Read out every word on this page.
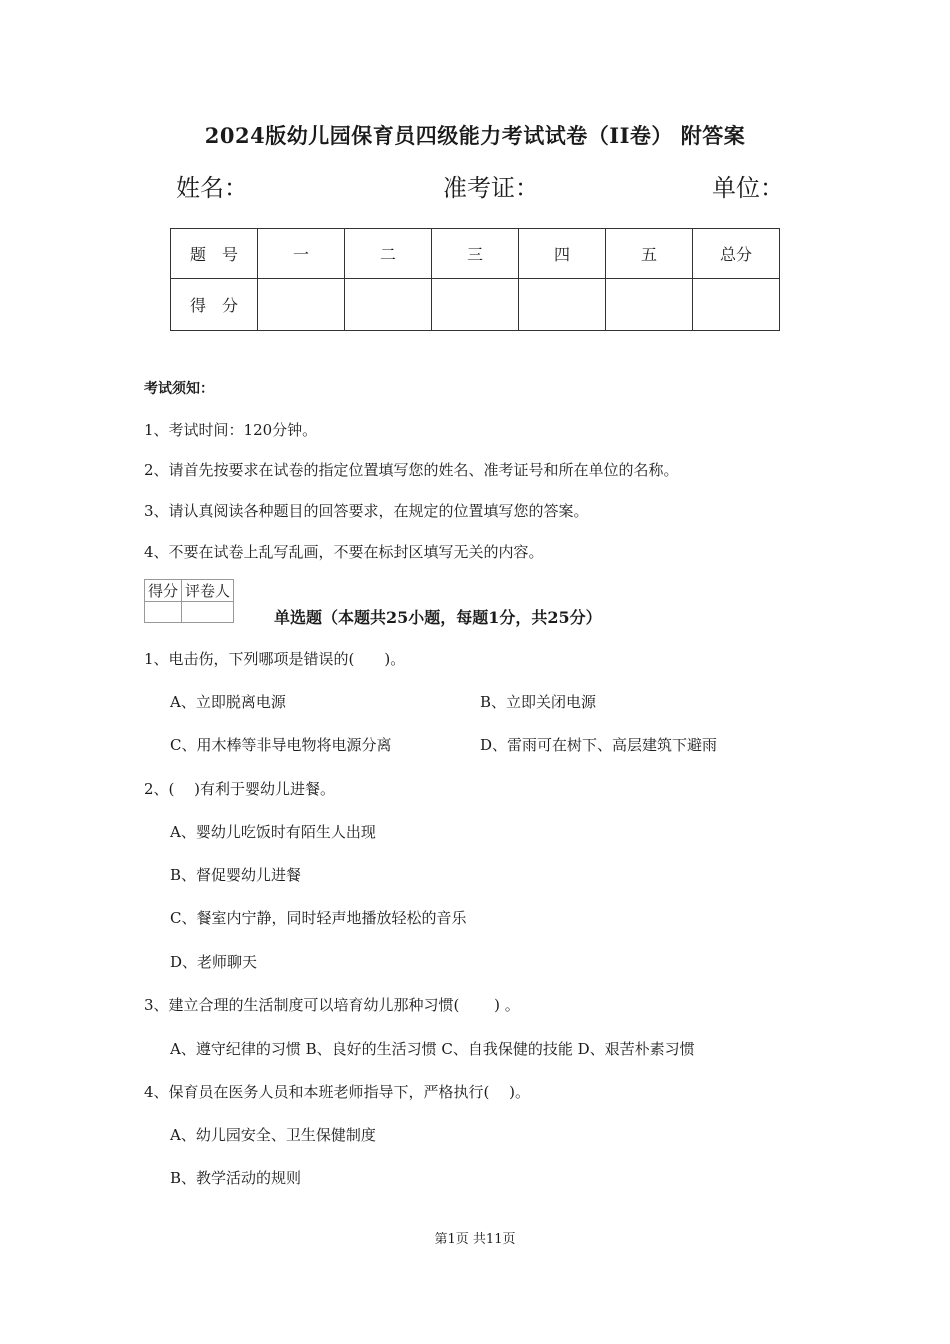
2024版幼儿园保育员四级能力考试试卷（II卷） 附答案
姓名：	准考证：	单位：
题　号	一	二	三	四	五	总分
得　分						
考试须知：
1、考试时间：120分钟。
2、请首先按要求在试卷的指定位置填写您的姓名、准考证号和所在单位的名称。
3、请认真阅读各种题目的回答要求，在规定的位置填写您的答案。
4、不要在试卷上乱写乱画，不要在标封区填写无关的内容。
得分	评卷人

单选题（本题共25小题，每题1分，共25分）
1、电击伤，下列哪项是错误的(　　)。
A、立即脱离电源	B、立即关闭电源
C、用木棒等非导电物将电源分离	D、雷雨可在树下、高层建筑下避雨
2、(　 )有利于婴幼儿进餐。
A、婴幼儿吃饭时有陌生人出现
B、督促婴幼儿进餐
C、餐室内宁静，同时轻声地播放轻松的音乐
D、老师聊天
3、建立合理的生活制度可以培育幼儿那种习惯(　　 ) 。
A、遵守纪律的习惯 B、良好的生活习惯 C、自我保健的技能 D、艰苦朴素习惯
4、保育员在医务人员和本班老师指导下，严格执行(　 )。
A、幼儿园安全、卫生保健制度
B、教学活动的规则
第1页 共11页
